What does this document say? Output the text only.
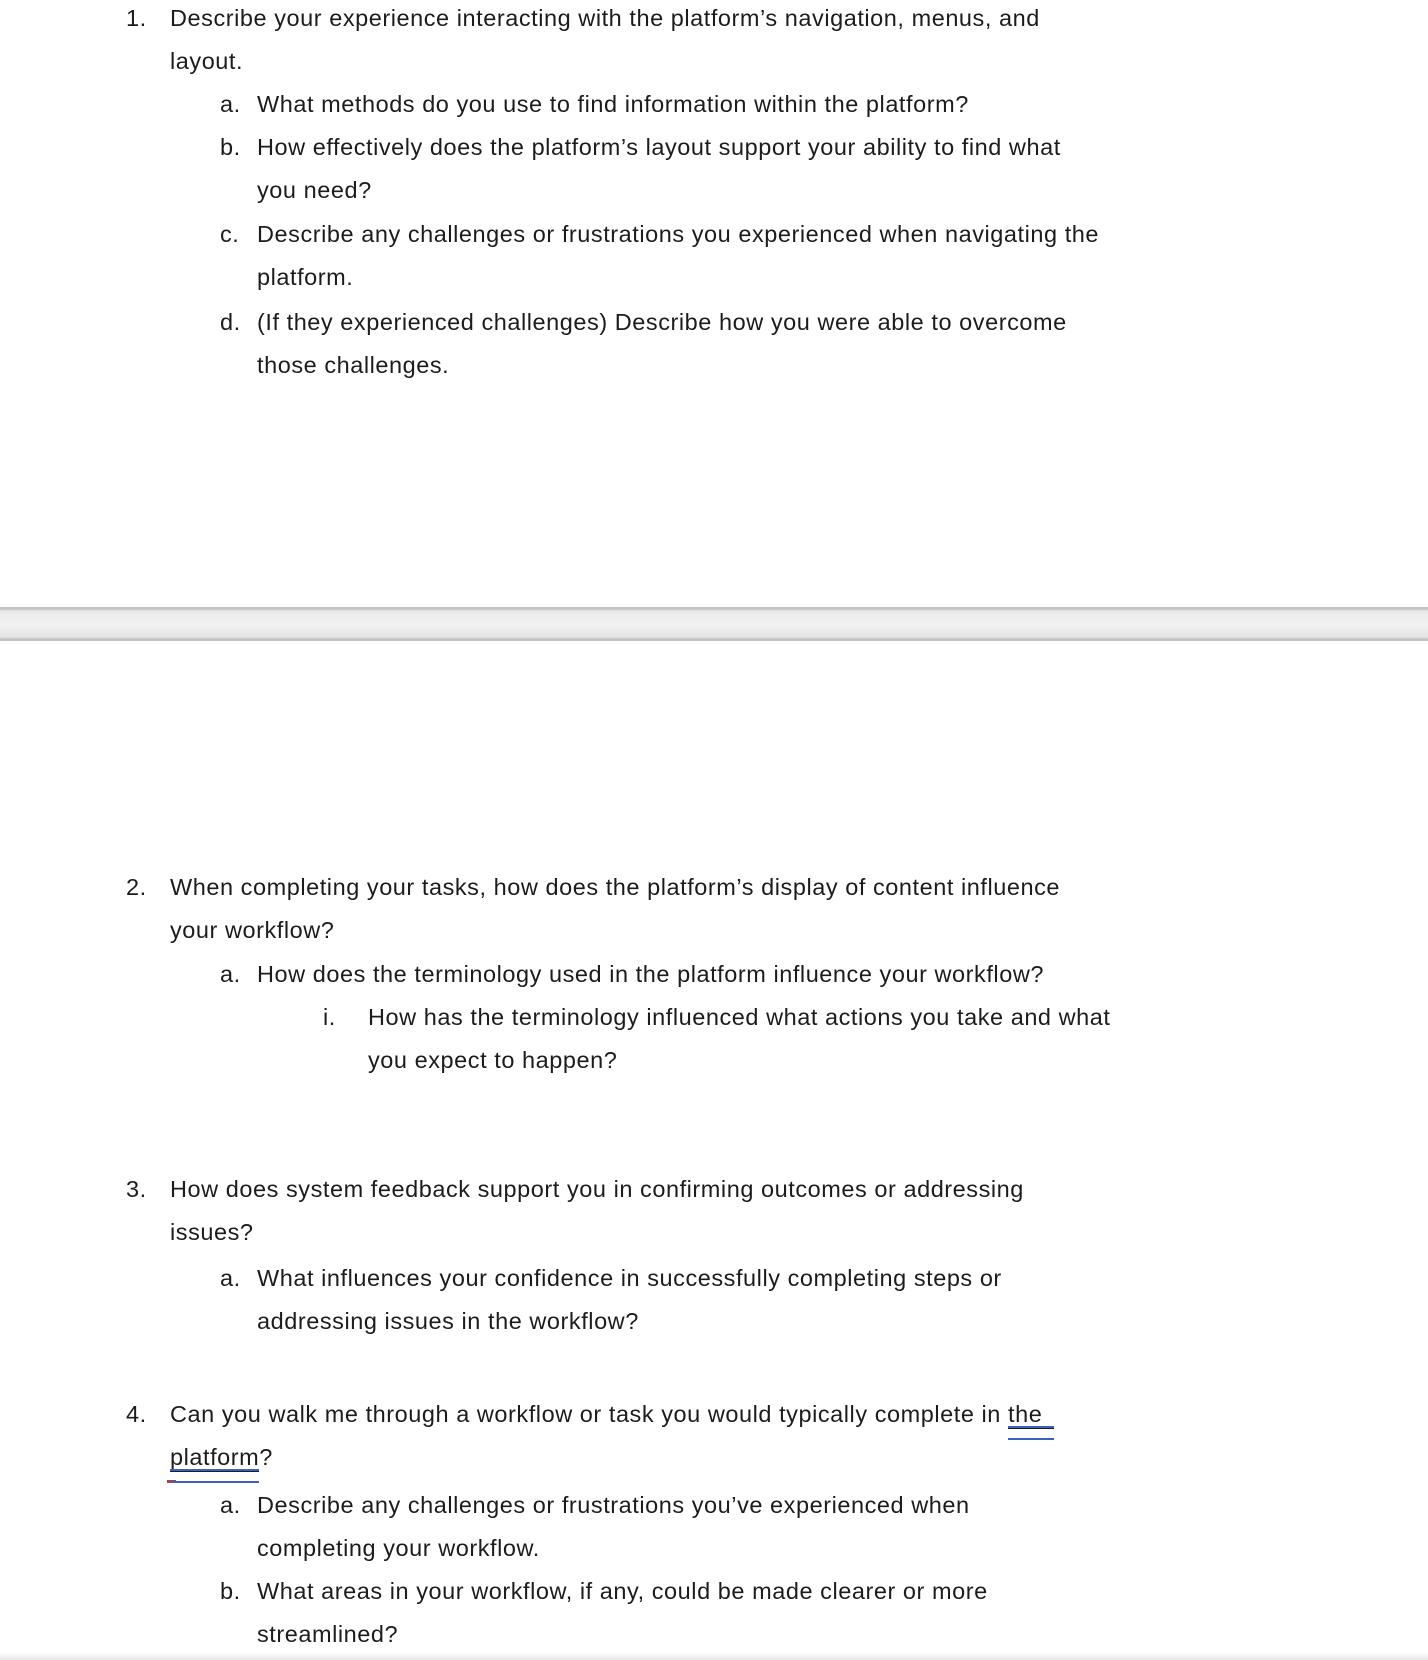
1. Describe your experience interacting with the platform’s navigation, menus, and
layout.
a. What methods do you use to find information within the platform?
b. How effectively does the platform’s layout support your ability to find what
you need?
c. Describe any challenges or frustrations you experienced when navigating the
platform.
d. (If they experienced challenges) Describe how you were able to overcome
those challenges.
2. When completing your tasks, how does the platform’s display of content influence
your workflow?
a. How does the terminology used in the platform influence your workflow?
i. How has the terminology influenced what actions you take and what
you expect to happen?
3. How does system feedback support you in confirming outcomes or addressing
issues?
a. What influences your confidence in successfully completing steps or
addressing issues in the workflow?
4. Can you walk me through a workflow or task you would typically complete in the
platform?
a. Describe any challenges or frustrations you’ve experienced when
completing your workflow.
b. What areas in your workflow, if any, could be made clearer or more
streamlined?
